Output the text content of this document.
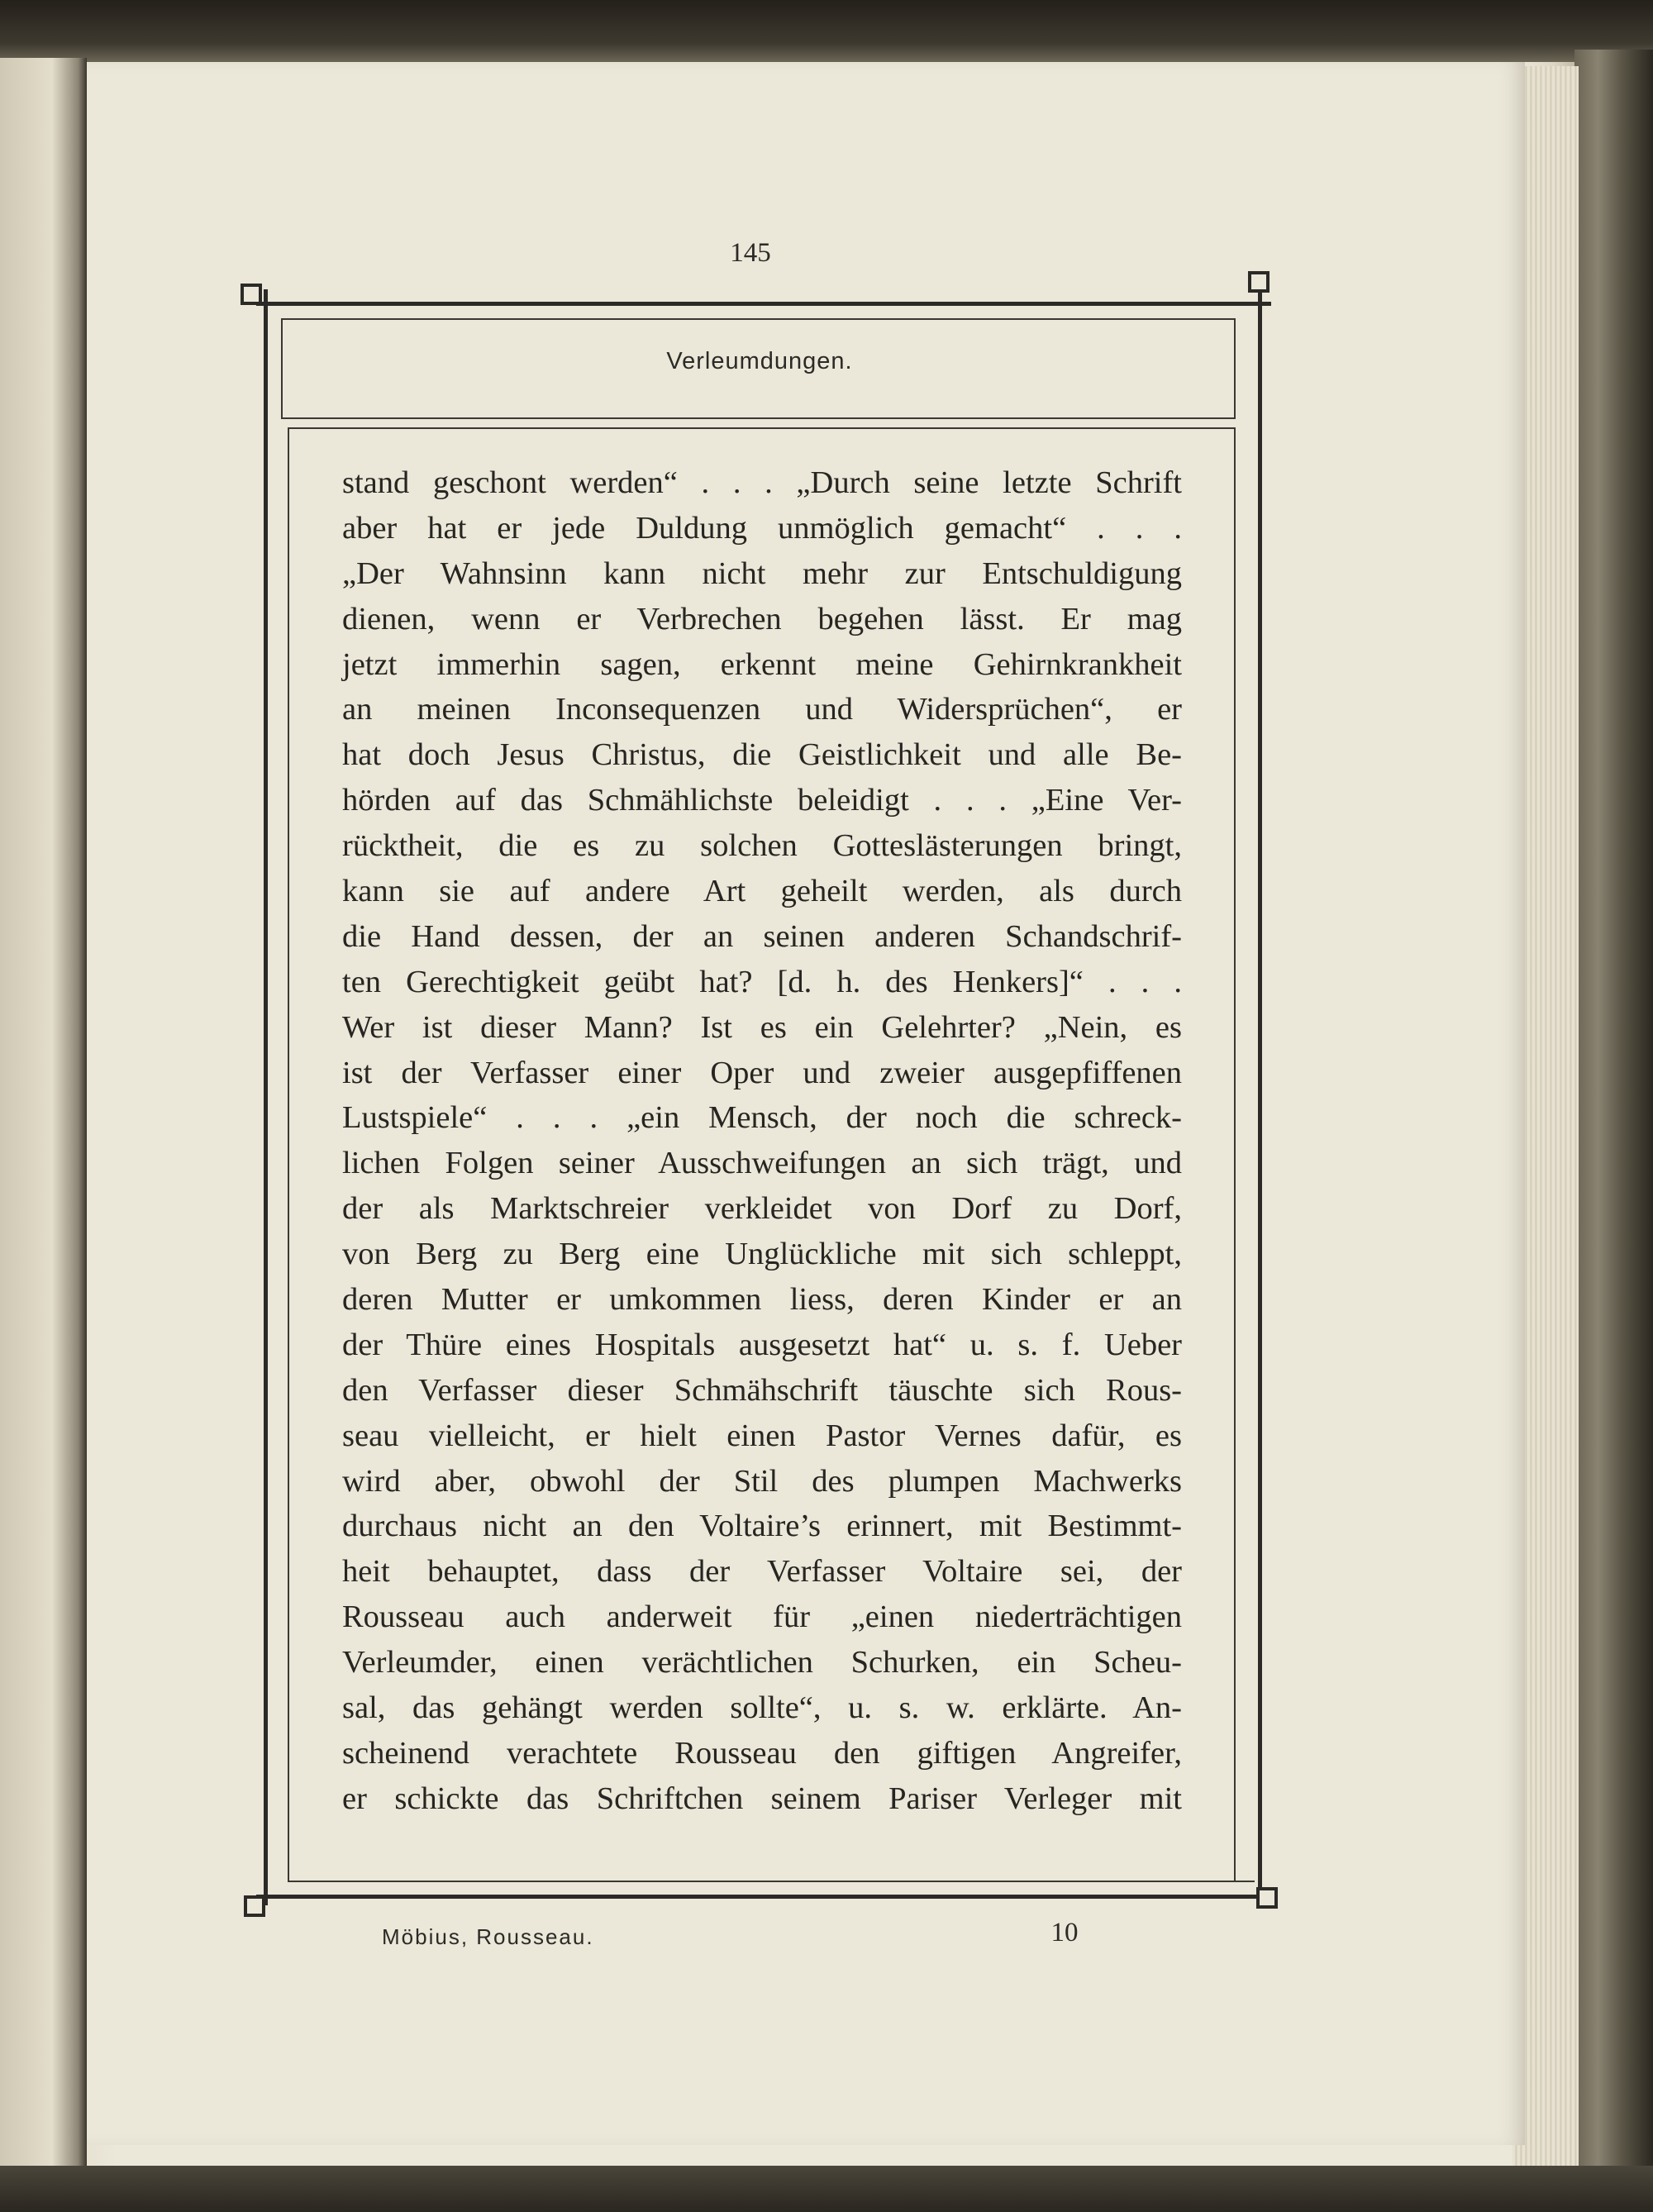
145
Verleumdungen.
stand geschont werden“ . . . „Durch seine letzte Schrift
aber hat er jede Duldung unmöglich gemacht“ . . .
„Der Wahnsinn kann nicht mehr zur Entschuldigung
dienen, wenn er Verbrechen begehen lässt. Er mag
jetzt immerhin sagen, erkennt meine Gehirnkrankheit
an meinen Inconsequenzen und Widersprüchen“, er
hat doch Jesus Christus, die Geistlichkeit und alle Be-
hörden auf das Schmählichste beleidigt . . . „Eine Ver-
rücktheit, die es zu solchen Gotteslästerungen bringt,
kann sie auf andere Art geheilt werden, als durch
die Hand dessen, der an seinen anderen Schandschrif-
ten Gerechtigkeit geübt hat? [d. h. des Henkers]“ . . .
Wer ist dieser Mann? Ist es ein Gelehrter? „Nein, es
ist der Verfasser einer Oper und zweier ausgepfiffenen
Lustspiele“ . . . „ein Mensch, der noch die schreck-
lichen Folgen seiner Ausschweifungen an sich trägt, und
der als Marktschreier verkleidet von Dorf zu Dorf,
von Berg zu Berg eine Unglückliche mit sich schleppt,
deren Mutter er umkommen liess, deren Kinder er an
der Thüre eines Hospitals ausgesetzt hat“ u. s. f. Ueber
den Verfasser dieser Schmähschrift täuschte sich Rous-
seau vielleicht, er hielt einen Pastor Vernes dafür, es
wird aber, obwohl der Stil des plumpen Machwerks
durchaus nicht an den Voltaire’s erinnert, mit Bestimmt-
heit behauptet, dass der Verfasser Voltaire sei, der
Rousseau auch anderweit für „einen niederträchtigen
Verleumder, einen verächtlichen Schurken, ein Scheu-
sal, das gehängt werden sollte“, u. s. w. erklärte. An-
scheinend verachtete Rousseau den giftigen Angreifer,
er schickte das Schriftchen seinem Pariser Verleger mit
Möbius, Rousseau.	10
